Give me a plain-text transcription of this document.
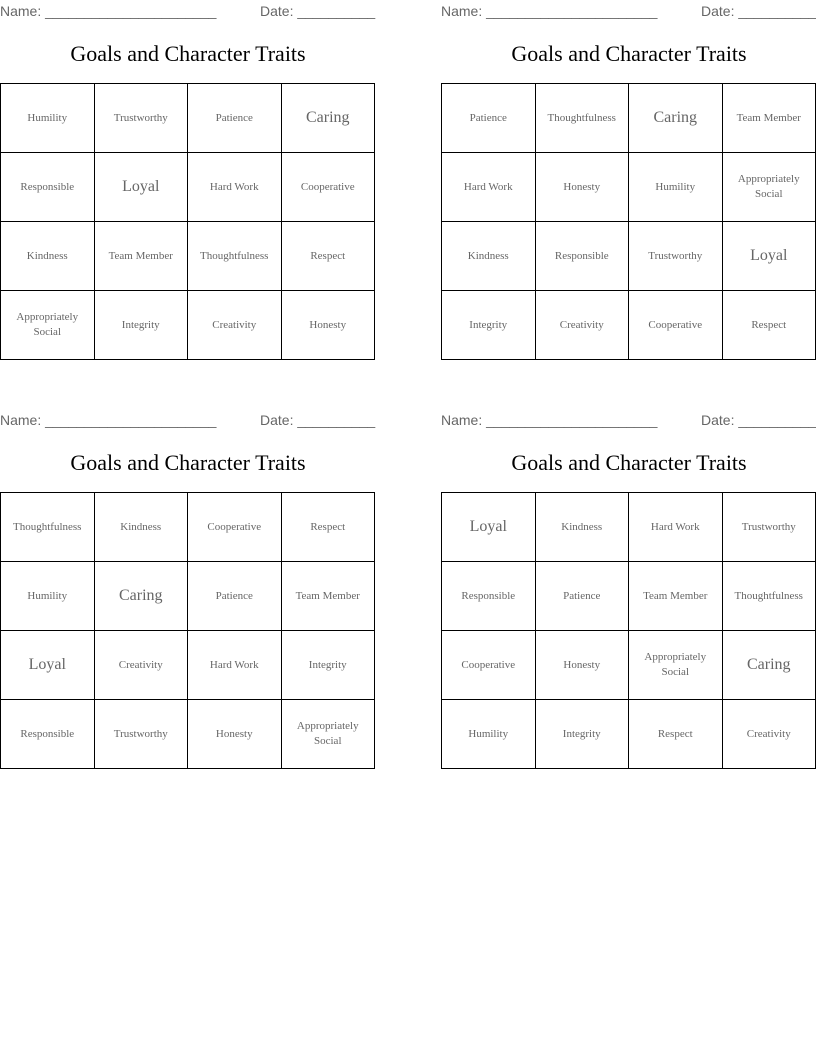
Name: ______________________	Date: __________
Goals and Character Traits
Humility	Trustworthy	Patience	Caring
Responsible	Loyal	Hard Work	Cooperative
Kindness	Team Member	Thoughtfulness	Respect
Appropriately Social	Integrity	Creativity	Honesty
Name: ______________________	Date: __________
Goals and Character Traits
Patience	Thoughtfulness	Caring	Team Member
Hard Work	Honesty	Humility	Appropriately Social
Kindness	Responsible	Trustworthy	Loyal
Integrity	Creativity	Cooperative	Respect
Name: ______________________	Date: __________
Goals and Character Traits
Thoughtfulness	Kindness	Cooperative	Respect
Humility	Caring	Patience	Team Member
Loyal	Creativity	Hard Work	Integrity
Responsible	Trustworthy	Honesty	Appropriately Social
Name: ______________________	Date: __________
Goals and Character Traits
Loyal	Kindness	Hard Work	Trustworthy
Responsible	Patience	Team Member	Thoughtfulness
Cooperative	Honesty	Appropriately Social	Caring
Humility	Integrity	Respect	Creativity
